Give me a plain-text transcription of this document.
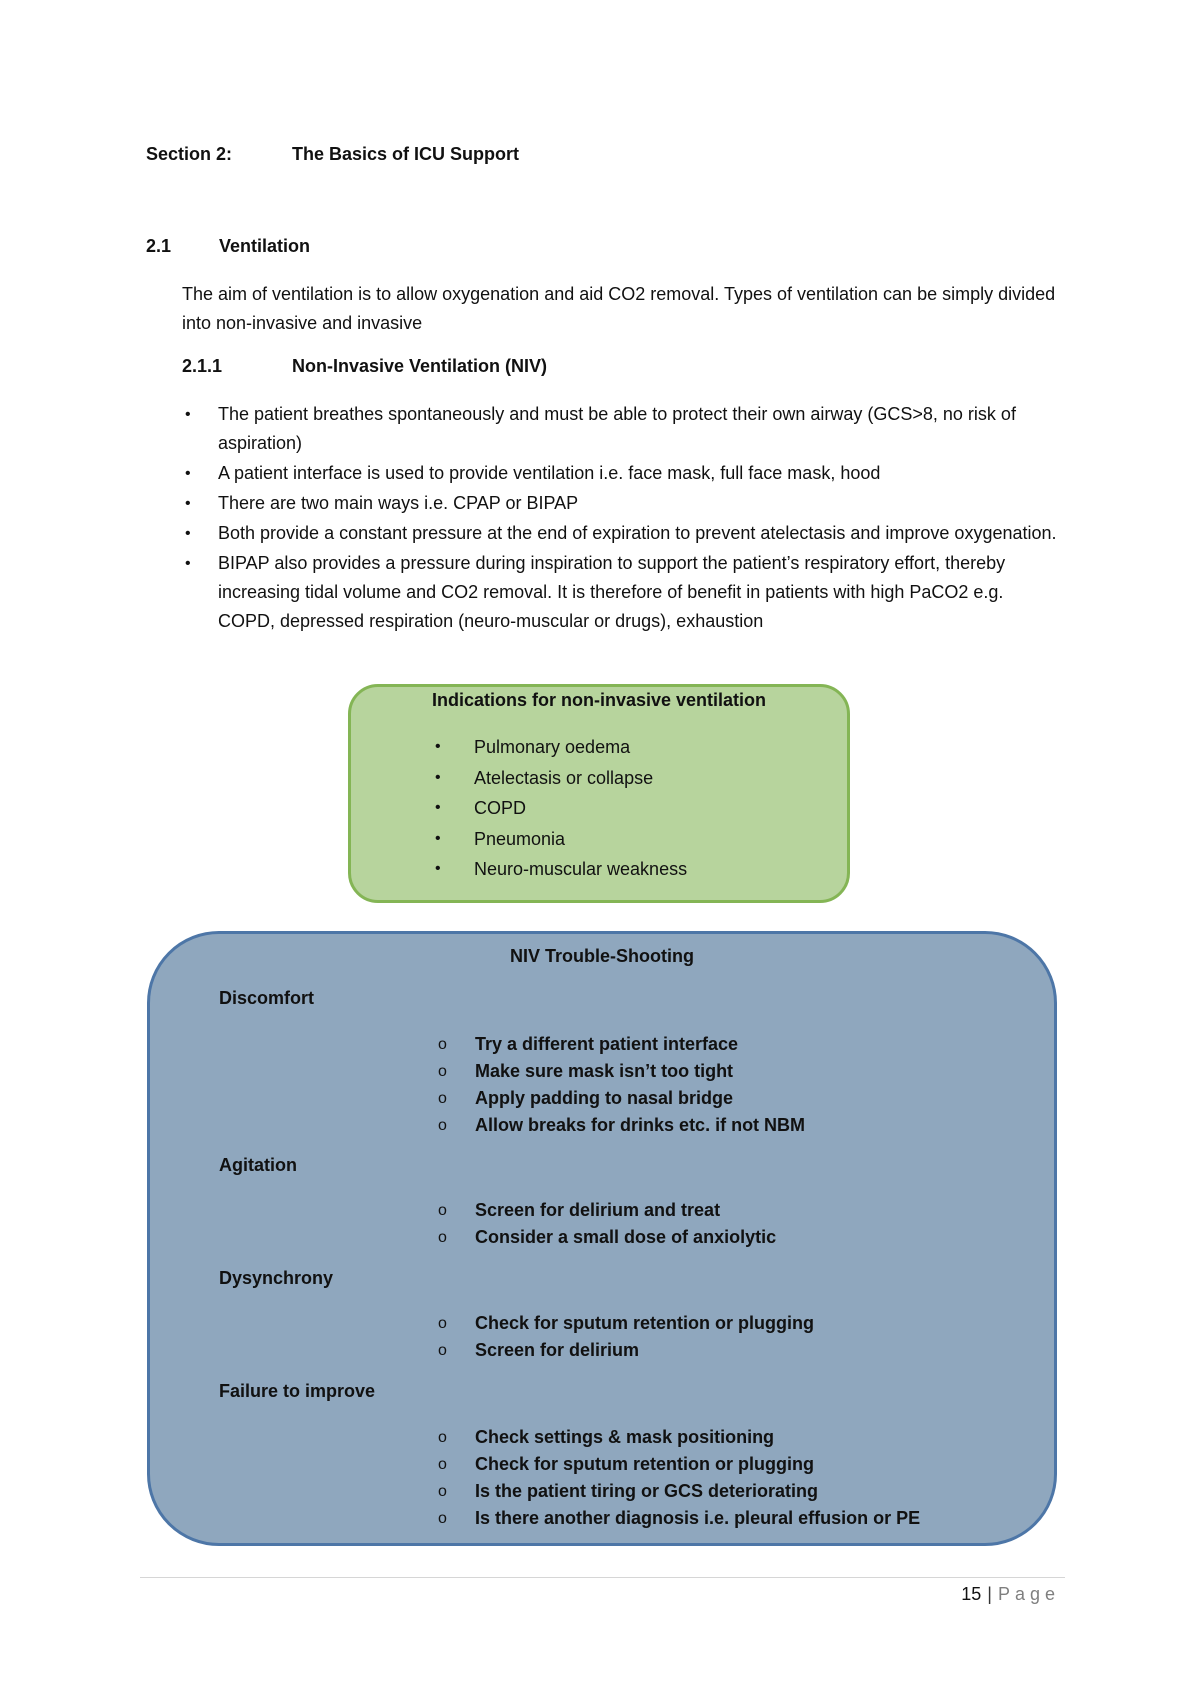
Section 2:	The Basics of ICU Support
2.1	Ventilation
The aim of ventilation is to allow oxygenation and aid CO2 removal. Types of ventilation can be simply divided into non-invasive and invasive
2.1.1	Non-Invasive Ventilation (NIV)
• The patient breathes spontaneously and must be able to protect their own airway (GCS>8, no risk of aspiration)
• A patient interface is used to provide ventilation i.e. face mask, full face mask, hood
• There are two main ways i.e. CPAP or BIPAP
• Both provide a constant pressure at the end of expiration to prevent atelectasis and improve oxygenation.
• BIPAP also provides a pressure during inspiration to support the patient’s respiratory effort, thereby increasing tidal volume and CO2 removal. It is therefore of benefit in patients with high PaCO2 e.g. COPD, depressed respiration (neuro-muscular or drugs), exhaustion
Indications for non-invasive ventilation
• Pulmonary oedema
• Atelectasis or collapse
• COPD
• Pneumonia
• Neuro-muscular weakness
NIV Trouble-Shooting
Discomfort
o Try a different patient interface
o Make sure mask isn’t too tight
o Apply padding to nasal bridge
o Allow breaks for drinks etc. if not NBM
Agitation
o Screen for delirium and treat
o Consider a small dose of anxiolytic
Dysynchrony
o Check for sputum retention or plugging
o Screen for delirium
Failure to improve
o Check settings & mask positioning
o Check for sputum retention or plugging
o Is the patient tiring or GCS deteriorating
o Is there another diagnosis i.e. pleural effusion or PE
15 | Page
